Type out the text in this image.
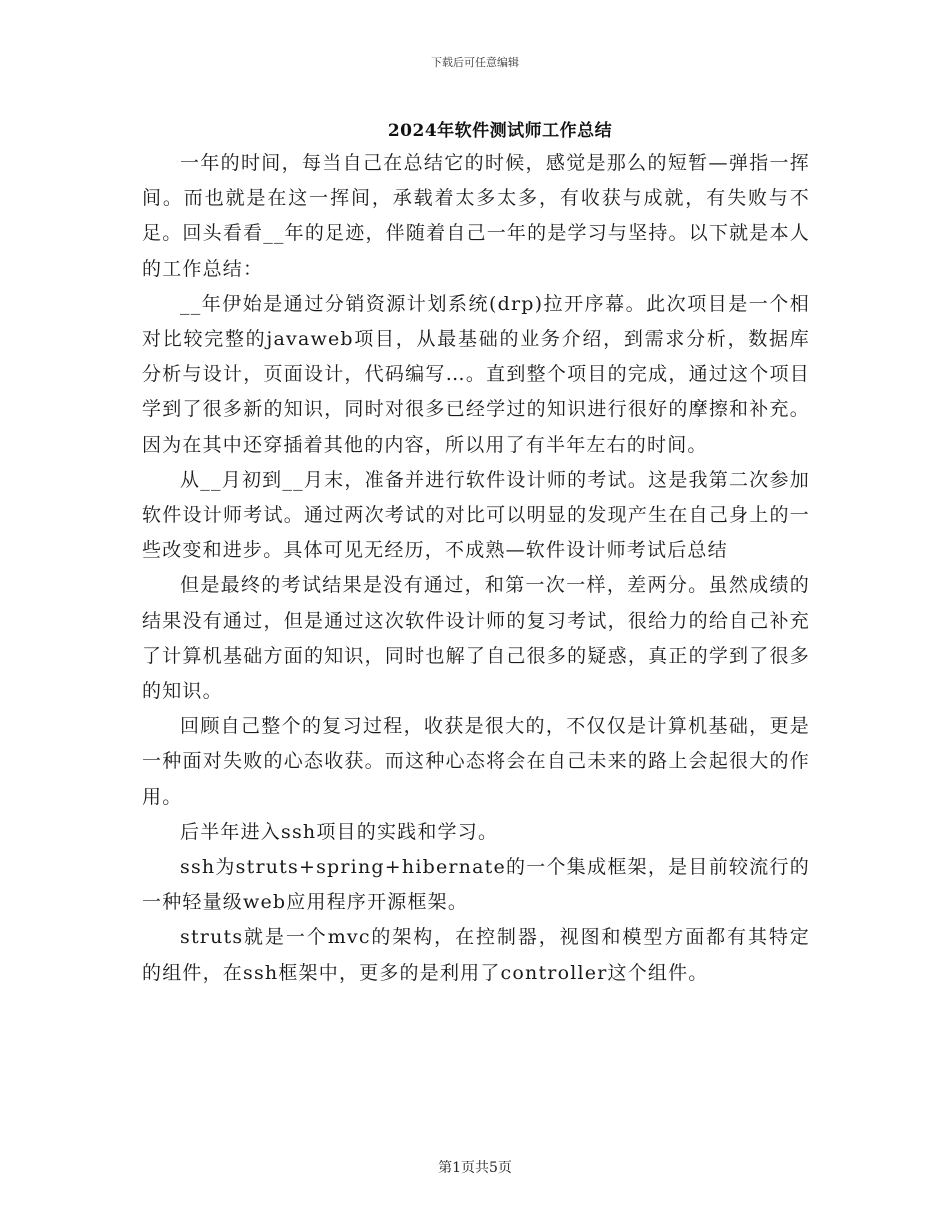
下载后可任意编辑
2024年软件测试师工作总结

一年的时间，每当自己在总结它的时候，感觉是那么的短暂—弹指一挥间。而也就是在这一挥间，承载着太多太多，有收获与成就，有失败与不足。回头看看__年的足迹，伴随着自己一年的是学习与坚持。以下就是本人的工作总结：

__年伊始是通过分销资源计划系统(drp)拉开序幕。此次项目是一个相对比较完整的javaweb项目，从最基础的业务介绍，到需求分析，数据库分析与设计，页面设计，代码编写…。直到整个项目的完成，通过这个项目学到了很多新的知识，同时对很多已经学过的知识进行很好的摩擦和补充。因为在其中还穿插着其他的内容，所以用了有半年左右的时间。

从__月初到__月末，准备并进行软件设计师的考试。这是我第二次参加软件设计师考试。通过两次考试的对比可以明显的发现产生在自己身上的一些改变和进步。具体可见无经历，不成熟—软件设计师考试后总结

但是最终的考试结果是没有通过，和第一次一样，差两分。虽然成绩的结果没有通过，但是通过这次软件设计师的复习考试，很给力的给自己补充了计算机基础方面的知识，同时也解了自己很多的疑惑，真正的学到了很多的知识。

回顾自己整个的复习过程，收获是很大的，不仅仅是计算机基础，更是一种面对失败的心态收获。而这种心态将会在自己未来的路上会起很大的作用。

后半年进入ssh项目的实践和学习。

ssh为struts+spring+hibernate的一个集成框架，是目前较流行的一种轻量级web应用程序开源框架。

struts就是一个mvc的架构，在控制器，视图和模型方面都有其特定的组件，在ssh框架中，更多的是利用了controller这个组件。

第1页共5页
